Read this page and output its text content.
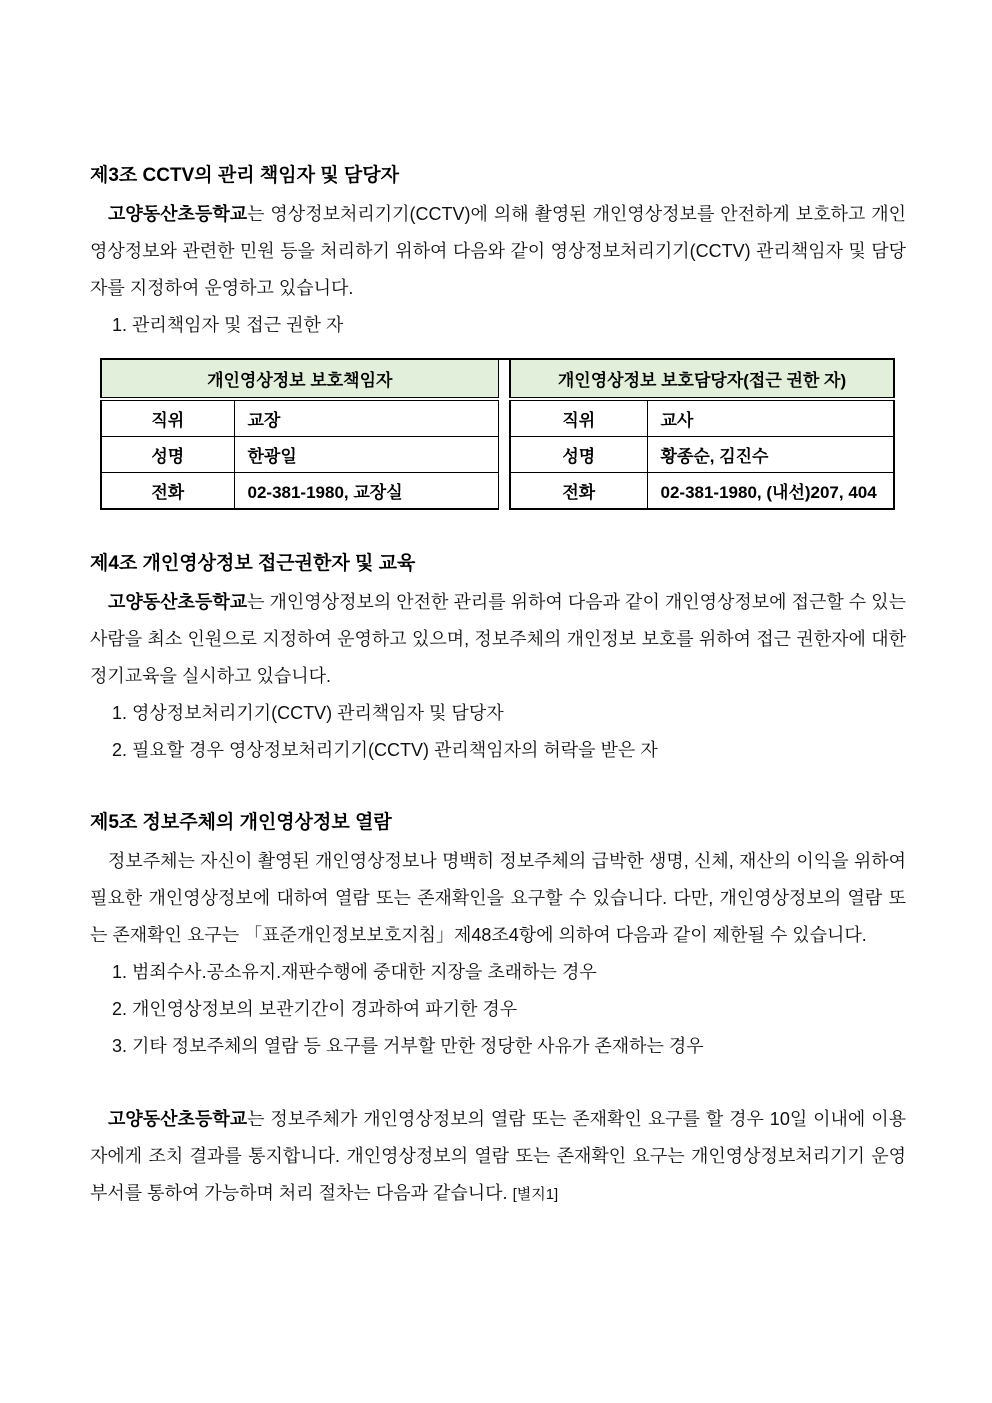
제3조 CCTV의 관리 책임자 및 담당자

고양동산초등학교는 영상정보처리기기(CCTV)에 의해 촬영된 개인영상정보를 안전하게 보호하고 개인영상정보와 관련한 민원 등을 처리하기 위하여 다음와 같이 영상정보처리기기(CCTV) 관리책임자 및 담당자를 지정하여 운영하고 있습니다.

1. 관리책임자 및 접근 권한 자
개인영상정보 보호책임자			개인영상정보 보호담당자(접근 권한 자)	
직위	교장		직위	교사
성명	한광일		성명	황종순, 김진수
전화	02-381-1980, 교장실		전화	02-381-1980, (내선)207, 404
제4조 개인영상정보 접근권한자 및 교육

고양동산초등학교는 개인영상정보의 안전한 관리를 위하여 다음과 같이 개인영상정보에 접근할 수 있는 사람을 최소 인원으로 지정하여 운영하고 있으며, 정보주체의 개인정보 보호를 위하여 접근 권한자에 대한 정기교육을 실시하고 있습니다.

1. 영상정보처리기기(CCTV) 관리책임자 및 담당자
2. 필요할 경우 영상정보처리기기(CCTV) 관리책임자의 허락을 받은 자
제5조 정보주체의 개인영상정보 열람

정보주체는 자신이 촬영된 개인영상정보나 명백히 정보주체의 급박한 생명, 신체, 재산의 이익을 위하여 필요한 개인영상정보에 대하여 열람 또는 존재확인을 요구할 수 있습니다. 다만, 개인영상정보의 열람 또는 존재확인 요구는 「표준개인정보보호지침」제48조4항에 의하여 다음과 같이 제한될 수 있습니다.

1. 범죄수사.공소유지.재판수행에 중대한 지장을 초래하는 경우
2. 개인영상정보의 보관기간이 경과하여 파기한 경우
3. 기타 정보주체의 열람 등 요구를 거부할 만한 정당한 사유가 존재하는 경우

고양동산초등학교는 정보주체가 개인영상정보의 열람 또는 존재확인 요구를 할 경우 10일 이내에 이용자에게 조치 결과를 통지합니다. 개인영상정보의 열람 또는 존재확인 요구는 개인영상정보처리기기 운영 부서를 통하여 가능하며 처리 절차는 다음과 같습니다. [별지1]
